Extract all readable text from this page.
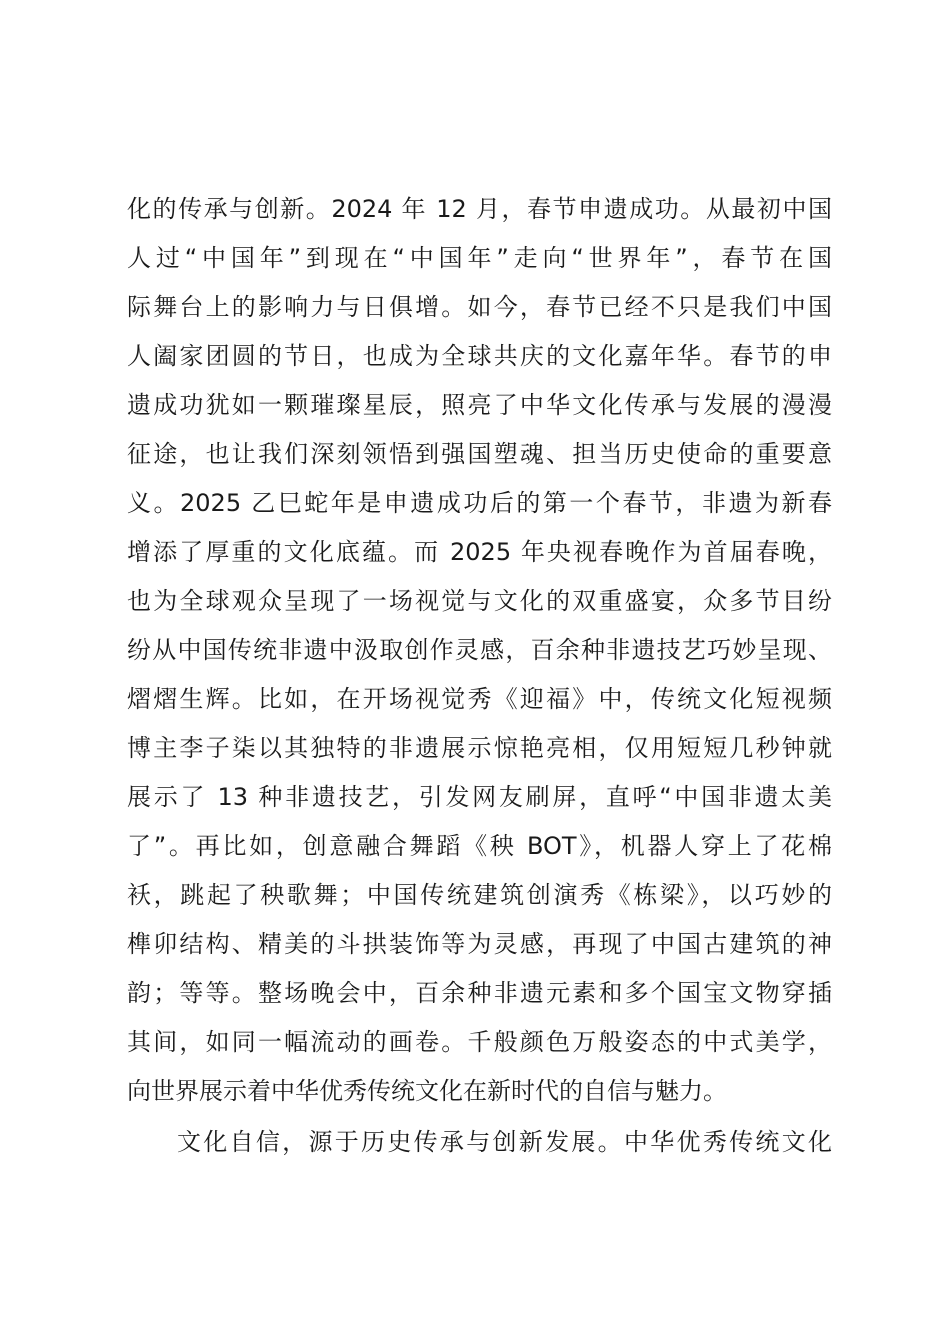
化的传承与创新。2024 年 12 月，春节申遗成功。从最初中国
人过“中国年”到现在“中国年”走向“世界年”，春节在国
际舞台上的影响力与日俱增。如今，春节已经不只是我们中国
人阖家团圆的节日，也成为全球共庆的文化嘉年华。春节的申
遗成功犹如一颗璀璨星辰，照亮了中华文化传承与发展的漫漫
征途，也让我们深刻领悟到强国塑魂、担当历史使命的重要意
义。2025 乙巳蛇年是申遗成功后的第一个春节，非遗为新春
增添了厚重的文化底蕴。而 2025 年央视春晚作为首届春晚，
也为全球观众呈现了一场视觉与文化的双重盛宴，众多节目纷
纷从中国传统非遗中汲取创作灵感，百余种非遗技艺巧妙呈现、
熠熠生辉。比如，在开场视觉秀《迎福》中，传统文化短视频
博主李子柒以其独特的非遗展示惊艳亮相，仅用短短几秒钟就
展示了 13 种非遗技艺，引发网友刷屏，直呼“中国非遗太美
了”。再比如，创意融合舞蹈《秧 BOT》，机器人穿上了花棉
袄，跳起了秧歌舞；中国传统建筑创演秀《栋梁》，以巧妙的
榫卯结构、精美的斗拱装饰等为灵感，再现了中国古建筑的神
韵；等等。整场晚会中，百余种非遗元素和多个国宝文物穿插
其间，如同一幅流动的画卷。千般颜色万般姿态的中式美学，
向世界展示着中华优秀传统文化在新时代的自信与魅力。
文化自信，源于历史传承与创新发展。中华优秀传统文化
